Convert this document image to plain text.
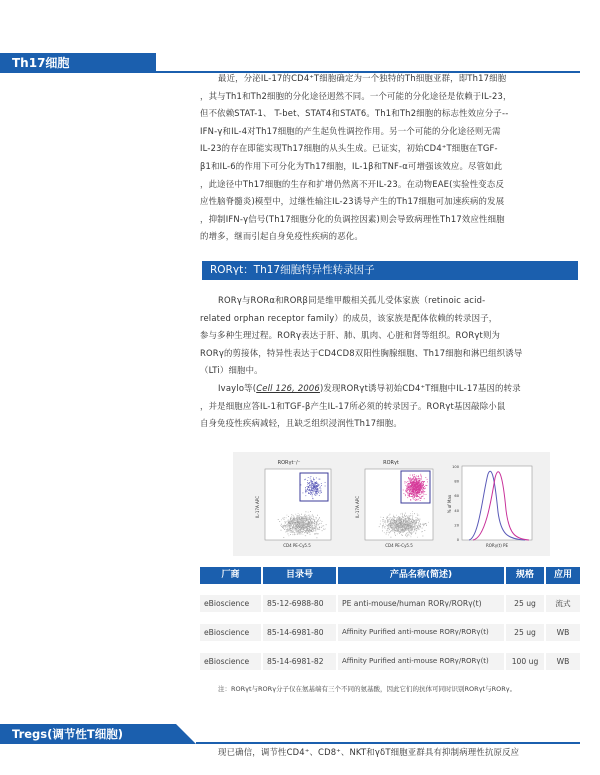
Th17细胞

最近，分泌IL-17的CD4⁺T细胞确定为一个独特的Th细胞亚群，即Th17细胞

，其与Th1和Th2细胞的分化途径迥然不同。一个可能的分化途径是依赖于IL-23，

但不依赖STAT-1、 T-bet、STAT4和STAT6。Th1和Th2细胞的标志性效应分子--

IFN-γ和IL-4对Th17细胞的产生起负性调控作用。另一个可能的分化途径则无需

IL-23的存在即能实现Th17细胞的从头生成。已证实，初始CD4⁺T细胞在TGF-

β1和IL-6的作用下可分化为Th17细胞，IL-1β和TNF-α可增强该效应。尽管如此

，此途径中Th17细胞的生存和扩增仍然离不开IL-23。在动物EAE(实验性变态反

应性脑脊髓炎)模型中，过继性输注IL-23诱导产生的Th17细胞可加速疾病的发展

，抑制IFN-γ信号(Th17细胞分化的负调控因素)则会导致病理性Th17效应性细胞

的增多，继而引起自身免疫性疾病的恶化。

RORγt：Th17细胞特异性转录因子

RORγ与RORα和RORβ同是维甲酸相关孤儿受体家族（retinoic acid-

related orphan receptor family）的成员，该家族是配体依赖的转录因子，

参与多种生理过程。RORγ表达于肝、肺、肌肉、心脏和肾等组织。RORγt则为

RORγ的剪接体，特异性表达于CD4CD8双阳性胸腺细胞、Th17细胞和淋巴组织诱导

（LTi）细胞中。

Ivaylo等(Cell 126, 2006)发现RORγt诱导初始CD4⁺T细胞中IL-17基因的转录

，并是细胞应答IL-1和TGF-β产生IL-17所必须的转录因子。RORγt基因敲除小鼠

自身免疫性疾病减轻，且缺乏组织浸润性Th17细胞。

RORγt⁻/⁻
IL-17A APC
CD4 PE-Cy5.5
RORγt
IL-17A APC
CD4 PE-Cy5.5
% of Max
RORγ(t) PE
100
80
60
40
20
0
厂商	目录号	产品名称(简述)	规格	应用
eBioscience	85-12-6988-80	PE anti-mouse/human RORγ/RORγ(t)	25 ug	流式
eBioscience	85-14-6981-80	Affinity Purified anti-mouse RORγ/RORγ(t)	25 ug	WB
eBioscience	85-14-6981-82	Affinity Purified anti-mouse RORγ/RORγ(t)	100 ug	WB
注：RORγt与RORγ分子仅在氨基端有三个不同的氨基酸，因此它们的抗体可同时识别RORγt与RORγ。
Tregs(调节性T细胞)

现已确信，调节性CD4⁺、CD8⁺、NKT和γδT细胞亚群具有抑制病理性抗原反应
